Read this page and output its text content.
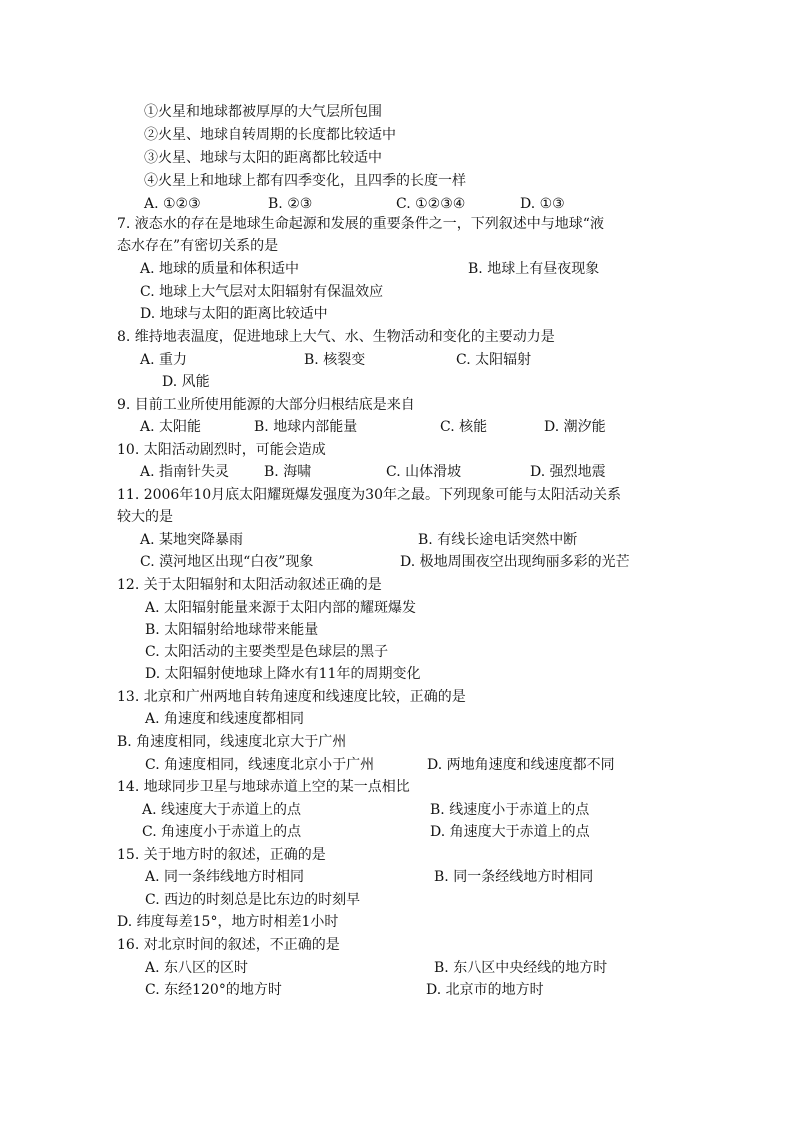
①火星和地球都被厚厚的大气层所包围
②火星、地球自转周期的长度都比较适中
③火星、地球与太阳的距离都比较适中
④火星上和地球上都有四季变化，且四季的长度一样
A. ①②③	B. ②③	C. ①②③④	D. ①③
7. 液态水的存在是地球生命起源和发展的重要条件之一，下列叙述中与地球“液
态水存在”有密切关系的是
A. 地球的质量和体积适中	B. 地球上有昼夜现象
C. 地球上大气层对太阳辐射有保温效应
D. 地球与太阳的距离比较适中
8. 维持地表温度，促进地球上大气、水、生物活动和变化的主要动力是
A. 重力	B. 核裂变	C. 太阳辐射
D. 风能
9. 目前工业所使用能源的大部分归根结底是来自
A. 太阳能	B. 地球内部能量	C. 核能	D. 潮汐能
10. 太阳活动剧烈时，可能会造成
A. 指南针失灵 B. 海啸	C. 山体滑坡	D. 强烈地震
11. 2006年10月底太阳耀斑爆发强度为30年之最。下列现象可能与太阳活动关系
较大的是
A. 某地突降暴雨	B. 有线长途电话突然中断
C. 漠河地区出现“白夜”现象	D. 极地周围夜空出现绚丽多彩的光芒
12. 关于太阳辐射和太阳活动叙述正确的是
A. 太阳辐射能量来源于太阳内部的耀斑爆发
B. 太阳辐射给地球带来能量
C. 太阳活动的主要类型是色球层的黑子
D. 太阳辐射使地球上降水有11年的周期变化
13. 北京和广州两地自转角速度和线速度比较，正确的是
A. 角速度和线速度都相同
B. 角速度相同，线速度北京大于广州
C. 角速度相同，线速度北京小于广州	D. 两地角速度和线速度都不同
14. 地球同步卫星与地球赤道上空的某一点相比
A. 线速度大于赤道上的点	B. 线速度小于赤道上的点
C. 角速度小于赤道上的点	D. 角速度大于赤道上的点
15. 关于地方时的叙述，正确的是
A. 同一条纬线地方时相同	B. 同一条经线地方时相同
C. 西边的时刻总是比东边的时刻早
D. 纬度每差15°，地方时相差1小时
16. 对北京时间的叙述，不正确的是
A. 东八区的区时	B. 东八区中央经线的地方时
C. 东经120°的地方时	D. 北京市的地方时
